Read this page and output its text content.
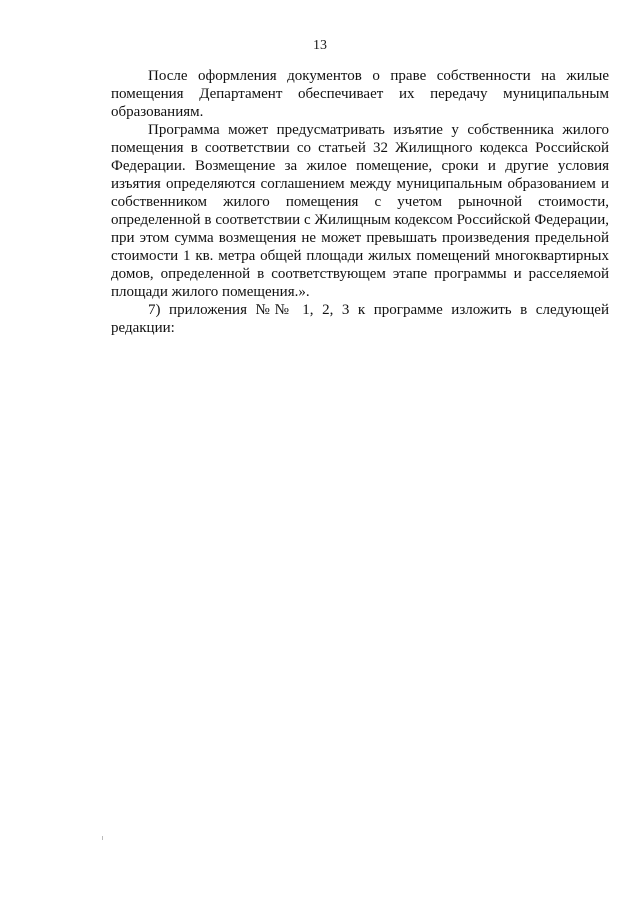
13

После оформления документов о праве собственности на жилые помещения Департамент обеспечивает их передачу муниципальным образованиям.

Программа может предусматривать изъятие у собственника жилого помещения в соответствии со статьей 32 Жилищного кодекса Российской Федерации. Возмещение за жилое помещение, сроки и другие условия изъятия определяются соглашением между муниципальным образованием и собственником жилого помещения с учетом рыночной стоимости, определенной в соответствии с Жилищным кодексом Российской Федерации, при этом сумма возмещения не может превышать произведения предельной стоимости 1 кв. метра общей площади жилых помещений многоквартирных домов, определенной в соответствующем этапе программы и расселяемой площади жилого помещения.».

7) приложения №№ 1, 2, 3 к программе изложить в следующей редакции:
